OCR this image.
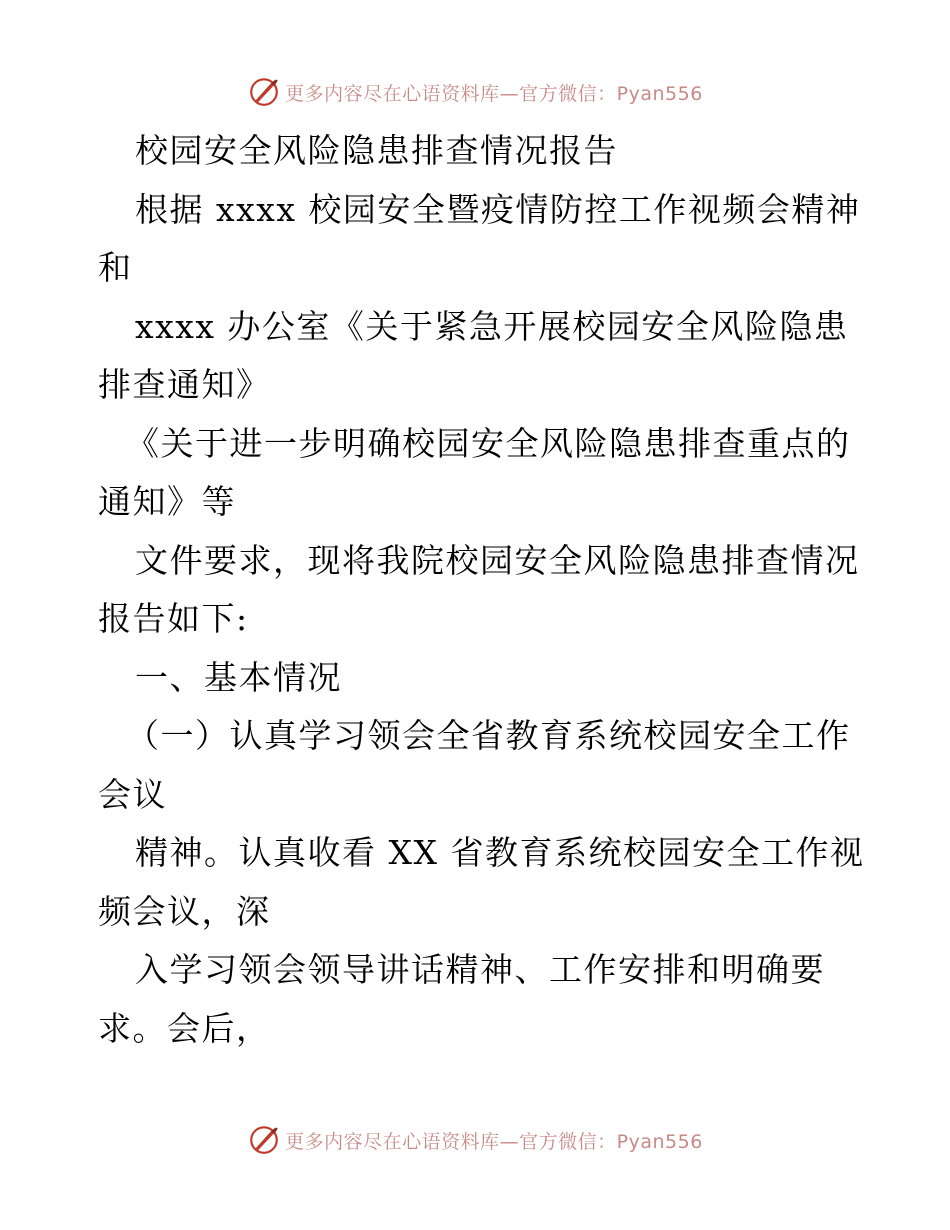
更多内容尽在心语资料库—官方微信：Pyan556
校园安全风险隐患排查情况报告
根据 xxxx 校园安全暨疫情防控工作视频会精神
和
xxxx 办公室《关于紧急开展校园安全风险隐患
排查通知》
《关于进一步明确校园安全风险隐患排查重点的
通知》等
文件要求，现将我院校园安全风险隐患排查情况
报告如下:
一、基本情况
（一）认真学习领会全省教育系统校园安全工作
会议
精神。认真收看 XX 省教育系统校园安全工作视
频会议，深
入学习领会领导讲话精神、工作安排和明确要
求。会后，
更多内容尽在心语资料库—官方微信：Pyan556
